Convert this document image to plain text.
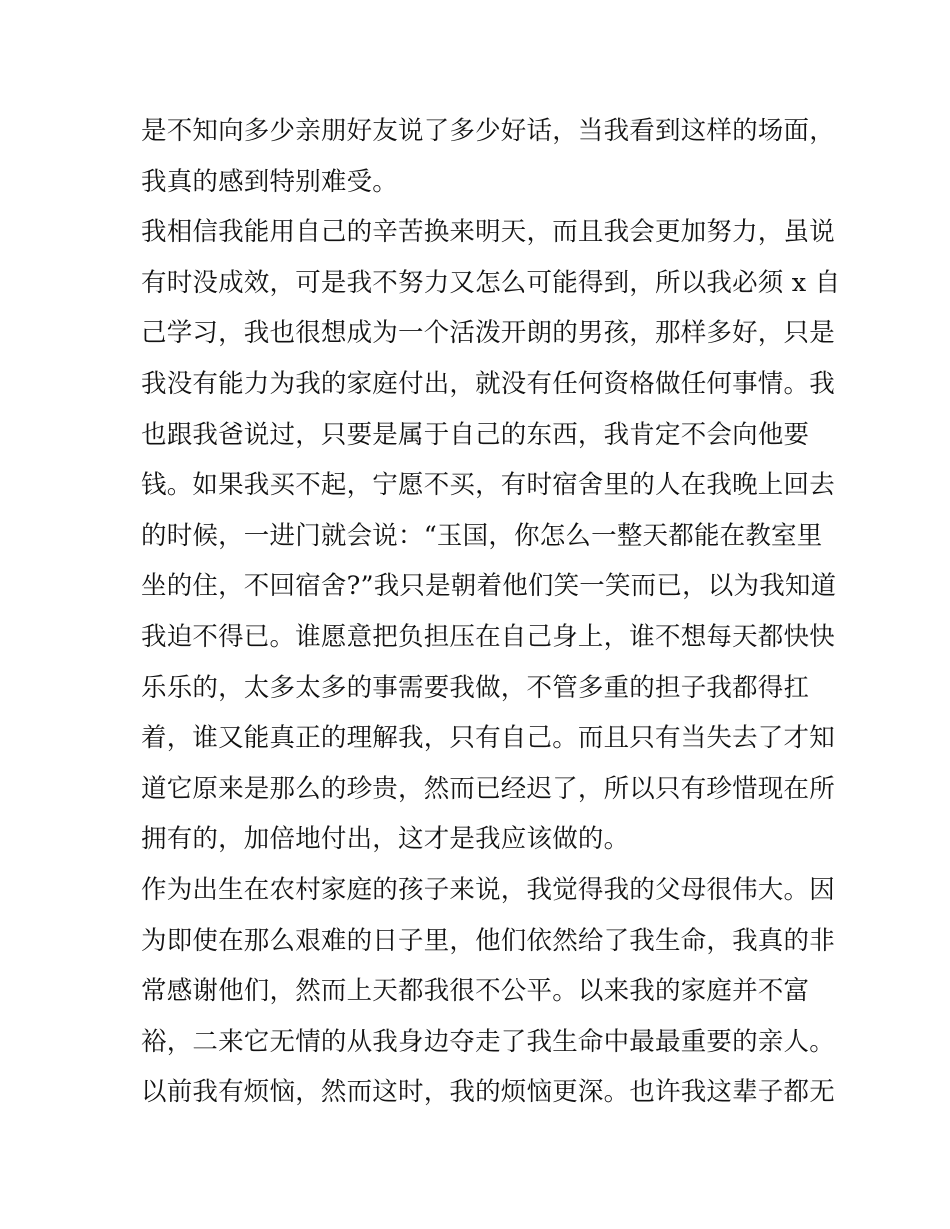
是不知向多少亲朋好友说了多少好话，当我看到这样的场面，
我真的感到特别难受。
我相信我能用自己的辛苦换来明天，而且我会更加努力，虽说
有时没成效，可是我不努力又怎么可能得到，所以我必须 x 自
己学习，我也很想成为一个活泼开朗的男孩，那样多好，只是
我没有能力为我的家庭付出，就没有任何资格做任何事情。我
也跟我爸说过，只要是属于自己的东西，我肯定不会向他要
钱。如果我买不起，宁愿不买，有时宿舍里的人在我晚上回去
的时候，一进门就会说：“玉国，你怎么一整天都能在教室里
坐的住，不回宿舍?”我只是朝着他们笑一笑而已，以为我知道
我迫不得已。谁愿意把负担压在自己身上，谁不想每天都快快
乐乐的，太多太多的事需要我做，不管多重的担子我都得扛
着，谁又能真正的理解我，只有自己。而且只有当失去了才知
道它原来是那么的珍贵，然而已经迟了，所以只有珍惜现在所
拥有的，加倍地付出，这才是我应该做的。
作为出生在农村家庭的孩子来说，我觉得我的父母很伟大。因
为即使在那么艰难的日子里，他们依然给了我生命，我真的非
常感谢他们，然而上天都我很不公平。以来我的家庭并不富
裕，二来它无情的从我身边夺走了我生命中最最重要的亲人。
以前我有烦恼，然而这时，我的烦恼更深。也许我这辈子都无
